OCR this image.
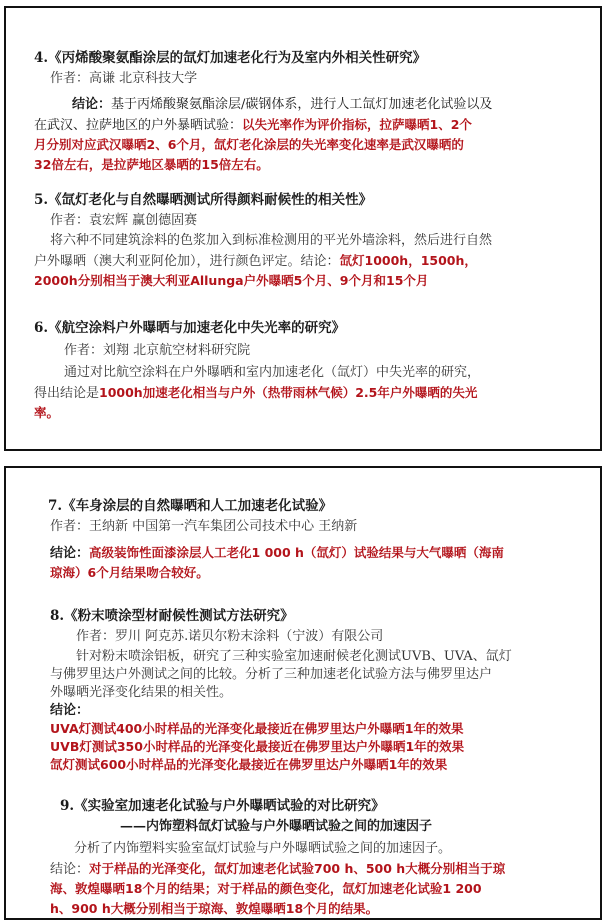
4.《丙烯酸聚氨酯涂层的氙灯加速老化行为及室内外相关性研究》
作者：高谦 北京科技大学
结论：基于丙烯酸聚氨酯涂层/碳钢体系，进行人工氙灯加速老化试验以及
在武汉、拉萨地区的户外暴晒试验：以失光率作为评价指标，拉萨曝晒1、2个
月分别对应武汉曝晒2、6个月，氙灯老化涂层的失光率变化速率是武汉曝晒的
32倍左右，是拉萨地区暴晒的15倍左右。
5.《氙灯老化与自然曝晒测试所得颜料耐候性的相关性》
作者：袁宏辉 赢创德固赛
将六种不同建筑涂料的色浆加入到标准检测用的平光外墙涂料，然后进行自然
户外曝晒（澳大利亚阿伦加），进行颜色评定。结论：氙灯1000h，1500h，
2000h分别相当于澳大利亚Allunga户外曝晒5个月、9个月和15个月
6.《航空涂料户外曝晒与加速老化中失光率的研究》
作者：刘翔 北京航空材料研究院
通过对比航空涂料在户外曝晒和室内加速老化（氙灯）中失光率的研究，
得出结论是1000h加速老化相当与户外（热带雨林气候）2.5年户外曝晒的失光
率。
7.《车身涂层的自然曝晒和人工加速老化试验》
作者：王纳新 中国第一汽车集团公司技术中心 王纳新
结论：高级装饰性面漆涂层人工老化1 000 h（氙灯）试验结果与大气曝晒（海南
琼海）6个月结果吻合较好。
8.《粉末喷涂型材耐候性测试方法研究》
作者：罗川 阿克苏.诺贝尔粉末涂料（宁波）有限公司
针对粉末喷涂铝板，研究了三种实验室加速耐候老化测试UVB、UVA、氙灯
与佛罗里达户外测试之间的比较。分析了三种加速老化试验方法与佛罗里达户
外曝晒光泽变化结果的相关性。
结论：
UVA灯测试400小时样品的光泽变化最接近在佛罗里达户外曝晒1年的效果
UVB灯测试350小时样品的光泽变化最接近在佛罗里达户外曝晒1年的效果
氙灯测试600小时样品的光泽变化最接近在佛罗里达户外曝晒1年的效果
9.《实验室加速老化试验与户外曝晒试验的对比研究》
——内饰塑料氙灯试验与户外曝晒试验之间的加速因子
分析了内饰塑料实验室氙灯试验与户外曝晒试验之间的加速因子。
结论：对于样品的光泽变化，氙灯加速老化试验700 h、500 h大概分别相当于琼
海、敦煌曝晒18个月的结果；对于样品的颜色变化，氙灯加速老化试验1 200
h、900 h大概分别相当于琼海、敦煌曝晒18个月的结果。
